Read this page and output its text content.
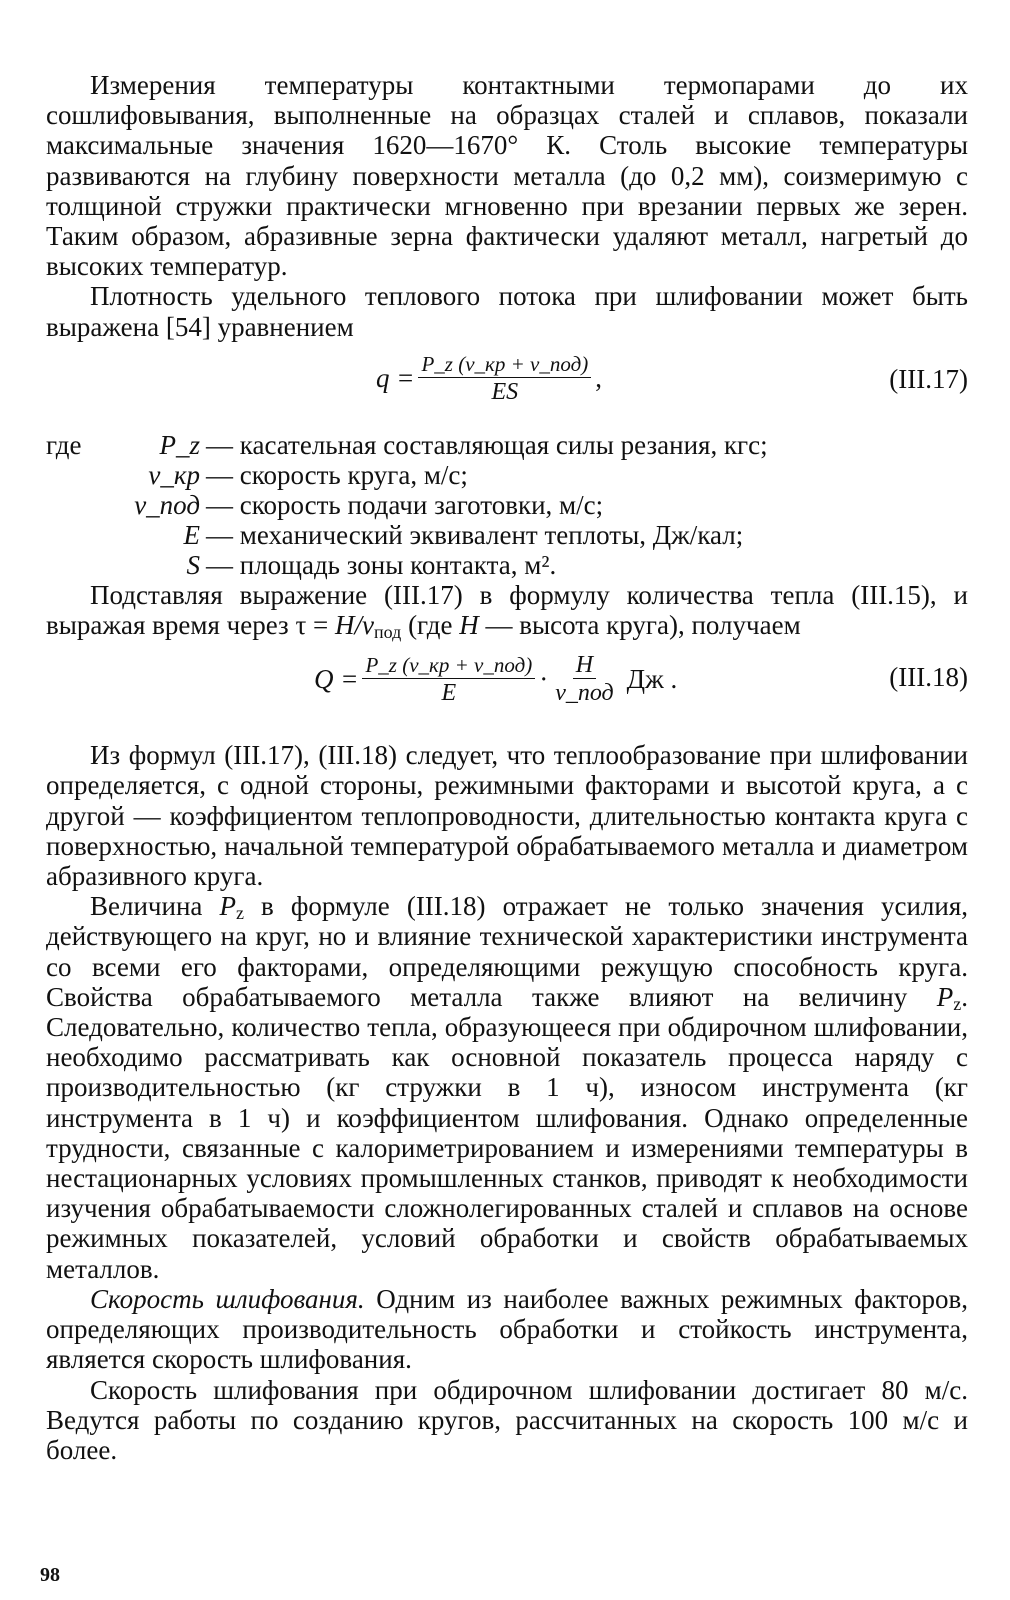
Измерения температуры контактными термопарами до их сошлифовывания, выполненные на образцах сталей и сплавов, показали максимальные значения 1620—1670° К. Столь высокие температуры развиваются на глубину поверхности металла (до 0,2 мм), соизмеримую с толщиной стружки практически мгновенно при врезании первых же зерен. Таким образом, абразивные зерна фактически удаляют металл, нагретый до высоких температур.

Плотность удельного теплового потока при шлифовании может быть выражена [54] уравнением

$q = \frac{\text{P\_z (v\_кр + v\_под)}}{ES}$ ,	(III.17)
где	P_z — касательная составляющая силы резания, кгс;
v_кр — скорость круга, м/с;
v_под — скорость подачи заготовки, м/с;
E — механический эквивалент теплоты, Дж/кал;
S — площадь зоны контакта, м².

Подставляя выражение (III.17) в формулу количества тепла (III.15), и выражая время через $\tau = H/v_{под}$ (где H — высота круга), получаем

$Q = \frac{\text{P\_z (v\_кр + v\_под)}}{E} \cdot \frac{H}{\text{v\_под}}$ Дж .	(III.18)

Из формул (III.17), (III.18) следует, что теплообразование при шлифовании определяется, с одной стороны, режимными факторами и высотой круга, а с другой — коэффициентом теплопроводности, длительностью контакта круга с поверхностью, начальной температурой обрабатываемого металла и диаметром абразивного круга.

Величина $P_z$ в формуле (III.18) отражает не только значения усилия, действующего на круг, но и влияние технической характеристики инструмента со всеми его факторами, определяющими режущую способность круга. Свойства обрабатываемого металла также влияют на величину $P_z$. Следовательно, количество тепла, образующееся при обдирочном шлифовании, необходимо рассматривать как основной показатель процесса наряду с производительностью (кг стружки в 1 ч), износом инструмента (кг инструмента в 1 ч) и коэффициентом шлифования. Однако определенные трудности, связанные с калориметрированием и измерениями температуры в нестационарных условиях промышленных станков, приводят к необходимости изучения обрабатываемости сложнолегированных сталей и сплавов на основе режимных показателей, условий обработки и свойств обрабатываемых металлов.

Скорость шлифования. Одним из наиболее важных режимных факторов, определяющих производительность обработки и стойкость инструмента, является скорость шлифования.

Скорость шлифования при обдирочном шлифовании достигает 80 м/с. Ведутся работы по созданию кругов, рассчитанных на скорость 100 м/с и более.

98
